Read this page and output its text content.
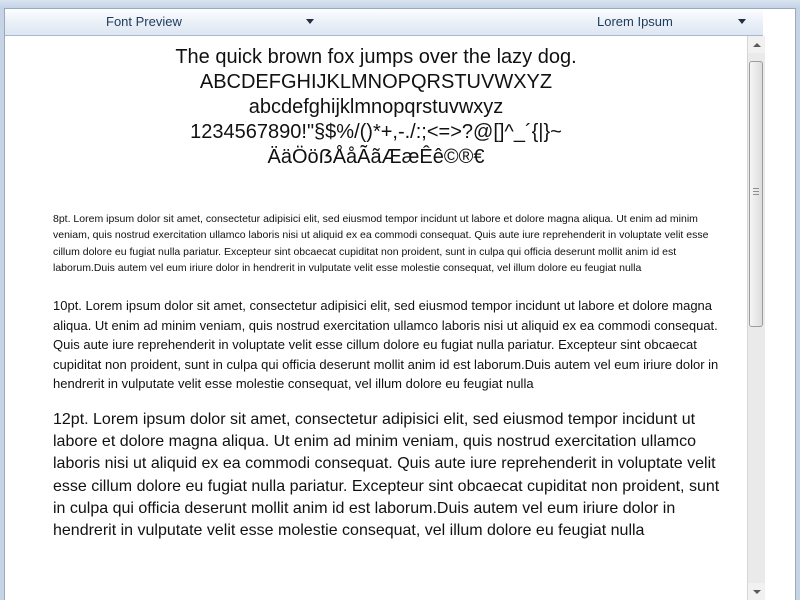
Font Preview	Lorem Ipsum
The quick brown fox jumps over the lazy dog.
ABCDEFGHIJKLMNOPQRSTUVWXYZ
abcdefghijklmnopqrstuvwxyz
1234567890!"§$%/()*+,-./:;<=>?@[]^_´{|}~
ÄäÖöẞÅåÃãÆæÊê©®€

8pt. Lorem ipsum dolor sit amet, consectetur adipisici elit, sed eiusmod tempor incidunt ut labore et dolore magna aliqua. Ut enim ad minim veniam, quis nostrud exercitation ullamco laboris nisi ut aliquid ex ea commodi consequat. Quis aute iure reprehenderit in voluptate velit esse cillum dolore eu fugiat nulla pariatur. Excepteur sint obcaecat cupiditat non proident, sunt in culpa qui officia deserunt mollit anim id est laborum.Duis autem vel eum iriure dolor in hendrerit in vulputate velit esse molestie consequat, vel illum dolore eu feugiat nulla

10pt. Lorem ipsum dolor sit amet, consectetur adipisici elit, sed eiusmod tempor incidunt ut labore et dolore magna aliqua. Ut enim ad minim veniam, quis nostrud exercitation ullamco laboris nisi ut aliquid ex ea commodi consequat. Quis aute iure reprehenderit in voluptate velit esse cillum dolore eu fugiat nulla pariatur. Excepteur sint obcaecat cupiditat non proident, sunt in culpa qui officia deserunt mollit anim id est laborum.Duis autem vel eum iriure dolor in hendrerit in vulputate velit esse molestie consequat, vel illum dolore eu feugiat nulla

12pt. Lorem ipsum dolor sit amet, consectetur adipisici elit, sed eiusmod tempor incidunt ut labore et dolore magna aliqua. Ut enim ad minim veniam, quis nostrud exercitation ullamco laboris nisi ut aliquid ex ea commodi consequat. Quis aute iure reprehenderit in voluptate velit esse cillum dolore eu fugiat nulla pariatur. Excepteur sint obcaecat cupiditat non proident, sunt in culpa qui officia deserunt mollit anim id est laborum.Duis autem vel eum iriure dolor in hendrerit in vulputate velit esse molestie consequat, vel illum dolore eu feugiat nulla
